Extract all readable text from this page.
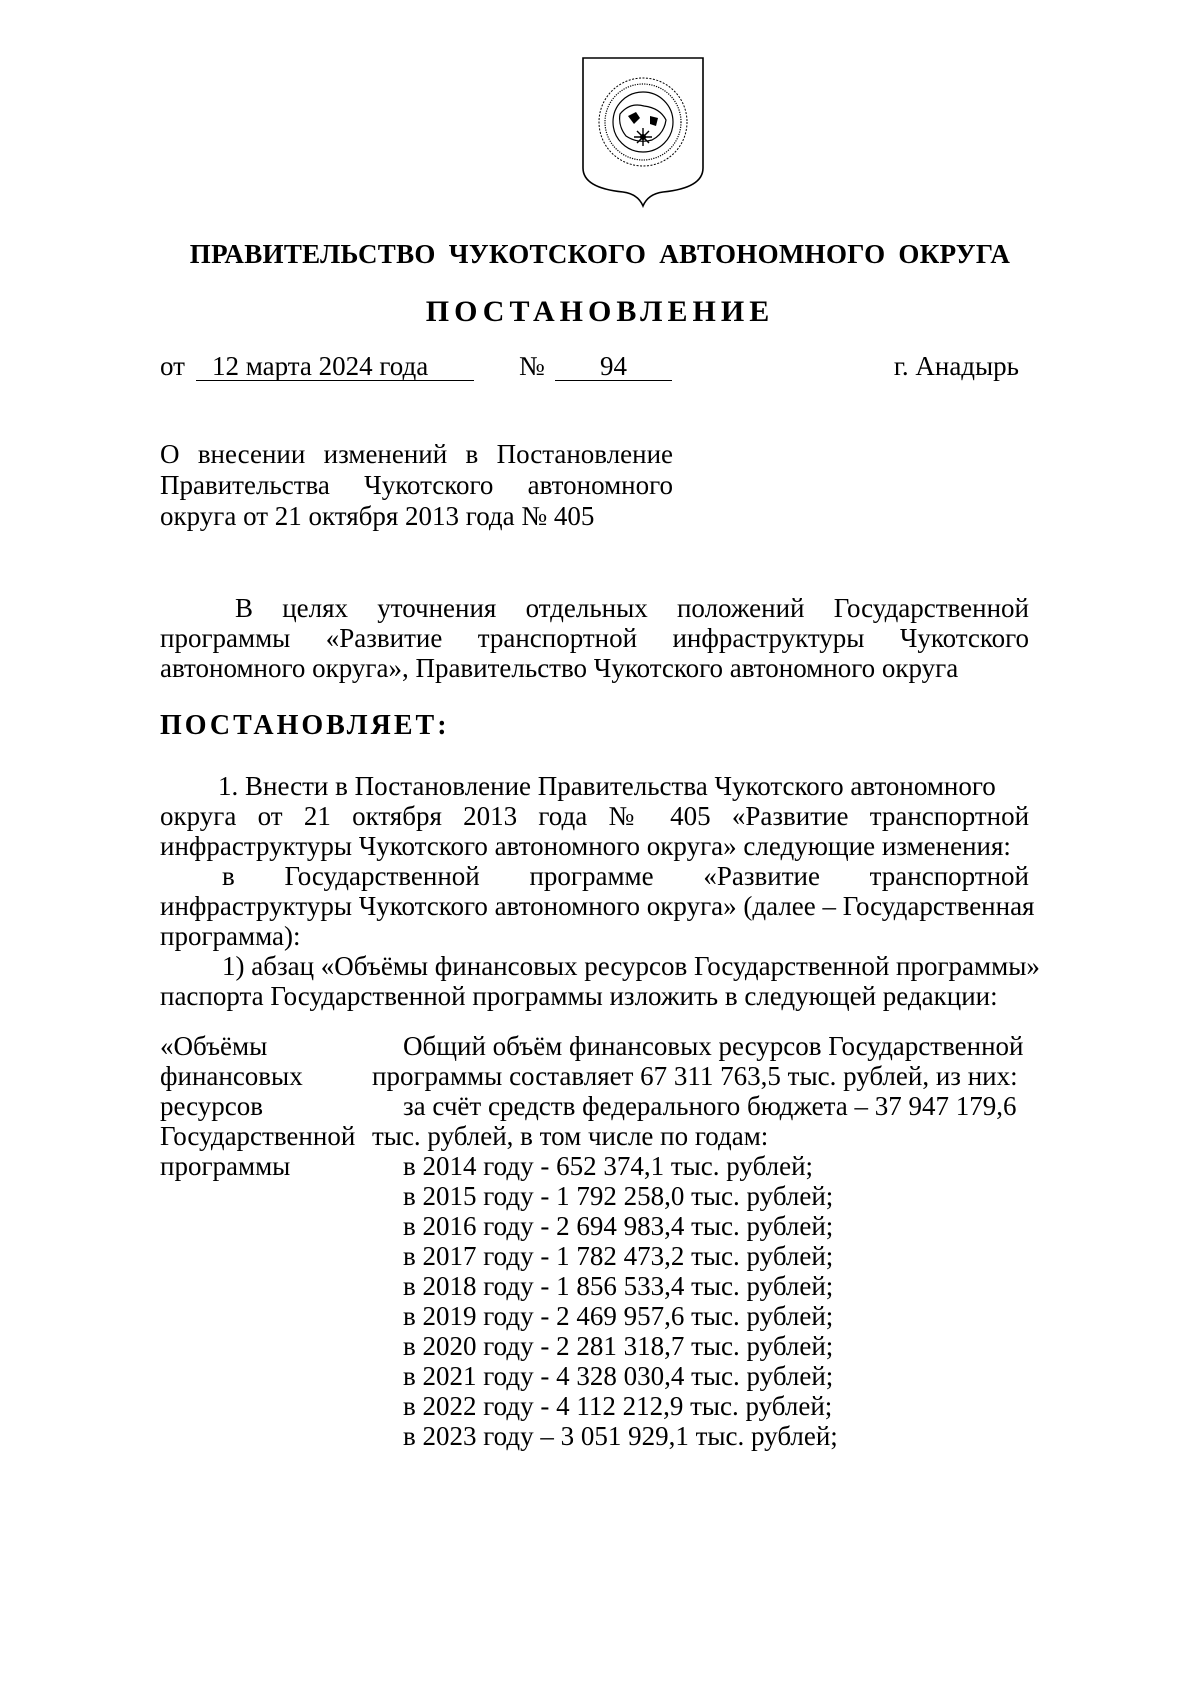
ПРАВИТЕЛЬСТВО ЧУКОТСКОГО АВТОНОМНОГО ОКРУГА
ПОСТАНОВЛЕНИЕ
от 12 марта 2024 года	№ 94	г. Анадырь
О внесении изменений в Постановление
Правительства Чукотского автономного
округа от 21 октября 2013 года № 405
В целях уточнения отдельных положений Государственной
программы «Развитие транспортной инфраструктуры Чукотского
автономного округа», Правительство Чукотского автономного округа
ПОСТАНОВЛЯЕТ:
1. Внести в Постановление Правительства Чукотского автономного
округа от 21 октября 2013 года № 405 «Развитие транспортной
инфраструктуры Чукотского автономного округа» следующие изменения:
в Государственной программе «Развитие транспортной
инфраструктуры Чукотского автономного округа» (далее – Государственная
программа):
1) абзац «Объёмы финансовых ресурсов Государственной программы»
паспорта Государственной программы изложить в следующей редакции:
«Объёмы
финансовых
ресурсов
Государственной
программы
Общий объём финансовых ресурсов Государственной
программы составляет 67 311 763,5 тыс. рублей, из них:
за счёт средств федерального бюджета – 37 947 179,6
тыс. рублей, в том числе по годам:
в 2014 году - 652 374,1 тыс. рублей;
в 2015 году - 1 792 258,0 тыс. рублей;
в 2016 году - 2 694 983,4 тыс. рублей;
в 2017 году - 1 782 473,2 тыс. рублей;
в 2018 году - 1 856 533,4 тыс. рублей;
в 2019 году - 2 469 957,6 тыс. рублей;
в 2020 году - 2 281 318,7 тыс. рублей;
в 2021 году - 4 328 030,4 тыс. рублей;
в 2022 году - 4 112 212,9 тыс. рублей;
в 2023 году – 3 051 929,1 тыс. рублей;
